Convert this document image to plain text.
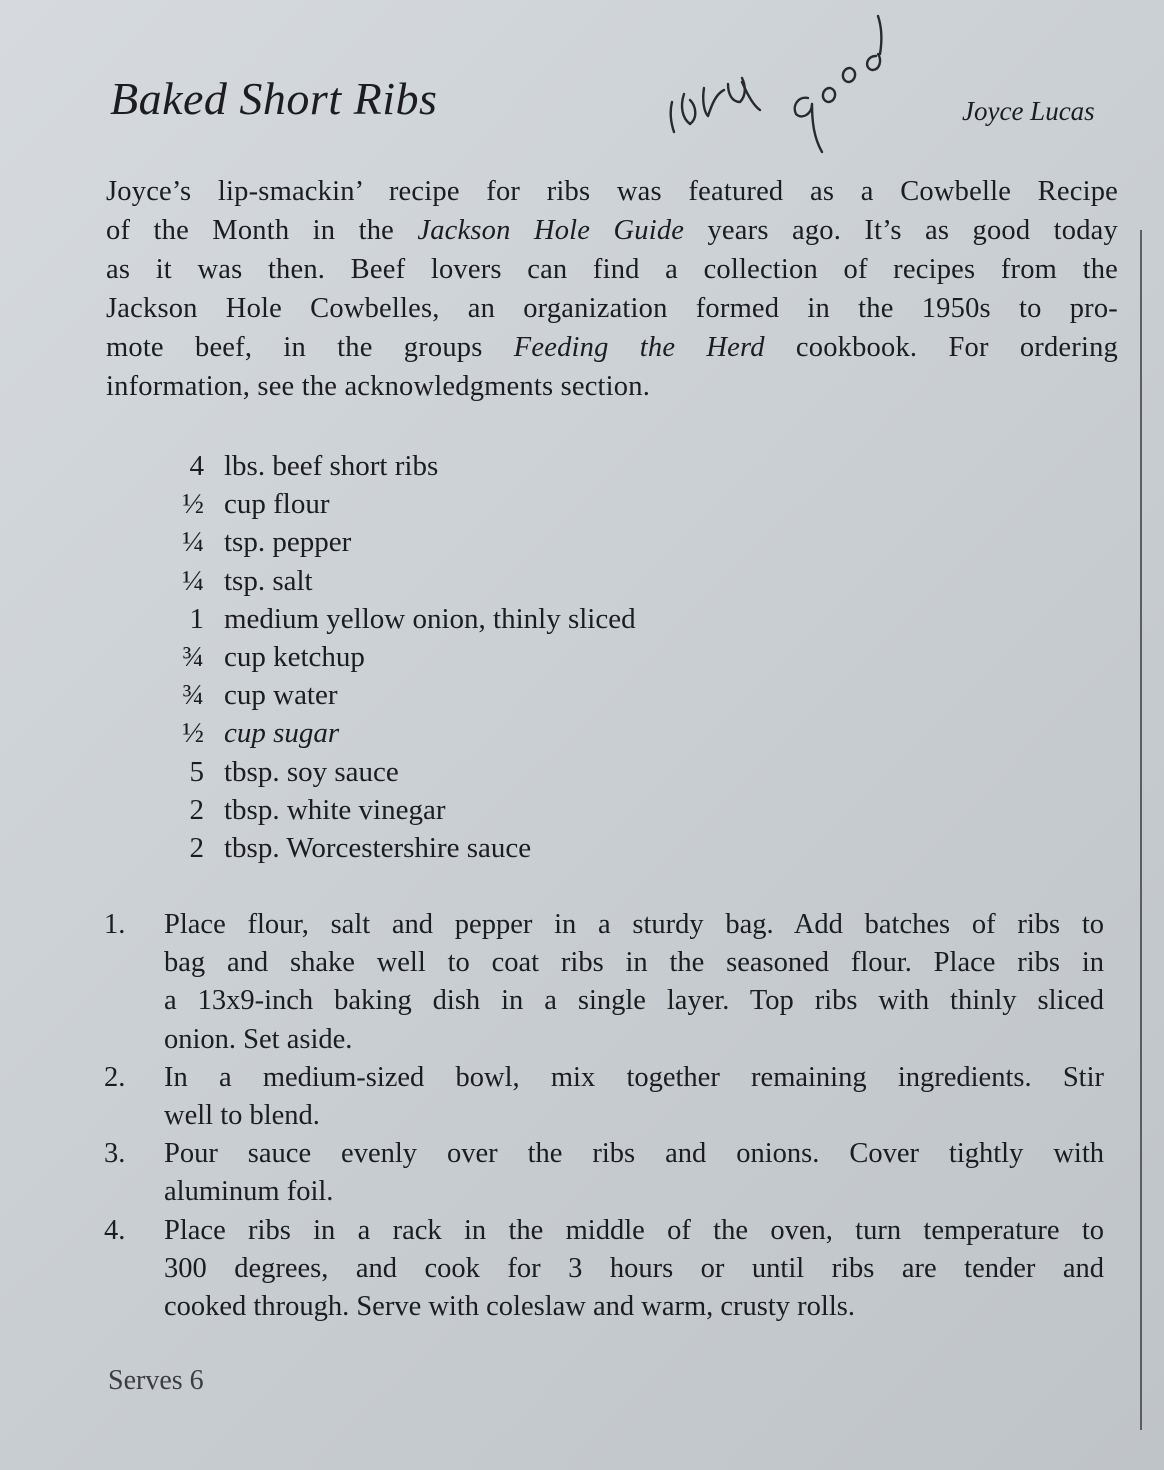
Baked Short Ribs	Joyce Lucas

Joyce’s lip-smackin’ recipe for ribs was featured as a Cowbelle Recipe
of the Month in the Jackson Hole Guide years ago. It’s as good today
as it was then. Beef lovers can find a collection of recipes from the
Jackson Hole Cowbelles, an organization formed in the 1950s to pro-
mote beef, in the groups Feeding the Herd cookbook. For ordering
information, see the acknowledgments section.

4 lbs. beef short ribs
½ cup flour
¼ tsp. pepper
¼ tsp. salt
1 medium yellow onion, thinly sliced
¾ cup ketchup
¾ cup water
½ cup sugar
5 tbsp. soy sauce
2 tbsp. white vinegar
2 tbsp. Worcestershire sauce
1.	Place flour, salt and pepper in a sturdy bag. Add batches of ribs to
bag and shake well to coat ribs in the seasoned flour. Place ribs in
a 13x9-inch baking dish in a single layer. Top ribs with thinly sliced
onion. Set aside.
2.	In a medium-sized bowl, mix together remaining ingredients. Stir
well to blend.
3.	Pour sauce evenly over the ribs and onions. Cover tightly with
aluminum foil.
4.	Place ribs in a rack in the middle of the oven, turn temperature to
300 degrees, and cook for 3 hours or until ribs are tender and
cooked through. Serve with coleslaw and warm, crusty rolls.

Serves 6
